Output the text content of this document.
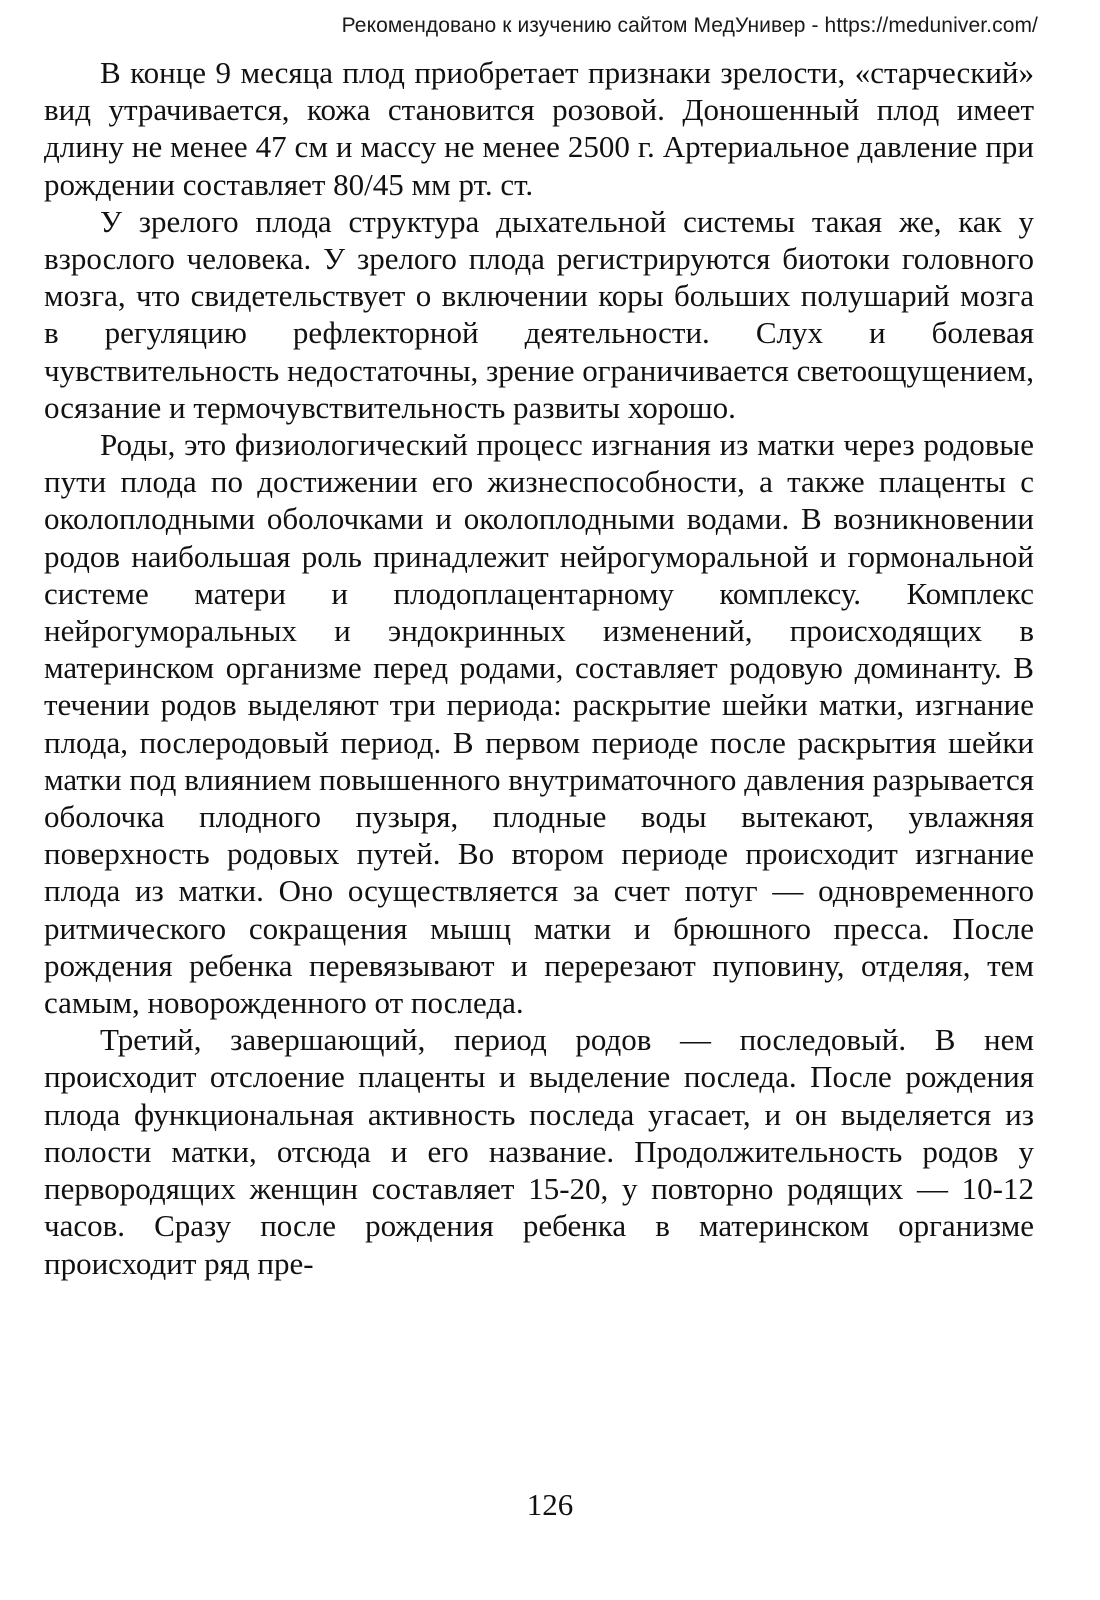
Рекомендовано к изучению сайтом МедУнивер - https://meduniver.com/

В конце 9 месяца плод приобретает признаки зрелости, «старческий» вид утрачивается, кожа становится розовой. Доношенный плод имеет длину не менее 47 см и массу не менее 2500 г. Артериальное давление при рождении составляет 80/45 мм рт. ст.

У зрелого плода структура дыхательной системы такая же, как у взрослого человека. У зрелого плода регистрируются биотоки головного мозга, что свидетельствует о включении коры больших полушарий мозга в регуляцию рефлекторной деятельности. Слух и болевая чувствительность недостаточны, зрение ограничивается светоощущением, осязание и термочувствительность развиты хорошо.

Роды, это физиологический процесс изгнания из матки через родовые пути плода по достижении его жизнеспособности, а также плаценты с околоплодными оболочками и околоплодными водами. В возникновении родов наибольшая роль принадлежит нейрогуморальной и гормональной системе матери и плодоплацентарному комплексу. Комплекс нейрогуморальных и эндокринных изменений, происходящих в материнском организме перед родами, составляет родовую доминанту. В течении родов выделяют три периода: раскрытие шейки матки, изгнание плода, послеродовый период. В первом периоде после раскрытия шейки матки под влиянием повышенного внутриматочного давления разрывается оболочка плодного пузыря, плодные воды вытекают, увлажняя поверхность родовых путей. Во втором периоде происходит изгнание плода из матки. Оно осуществляется за счет потуг — одновременного ритмического сокращения мышц матки и брюшного пресса. После рождения ребенка перевязывают и перерезают пуповину, отделяя, тем самым, новорожденного от последа.

Третий, завершающий, период родов — последовый. В нем происходит отслоение плаценты и выделение последа. После рождения плода функциональная активность последа угасает, и он выделяется из полости матки, отсюда и его название. Продолжительность родов у первородящих женщин составляет 15-20, у повторно родящих — 10-12 часов. Сразу после рождения ребенка в материнском организме происходит ряд пре-

126
